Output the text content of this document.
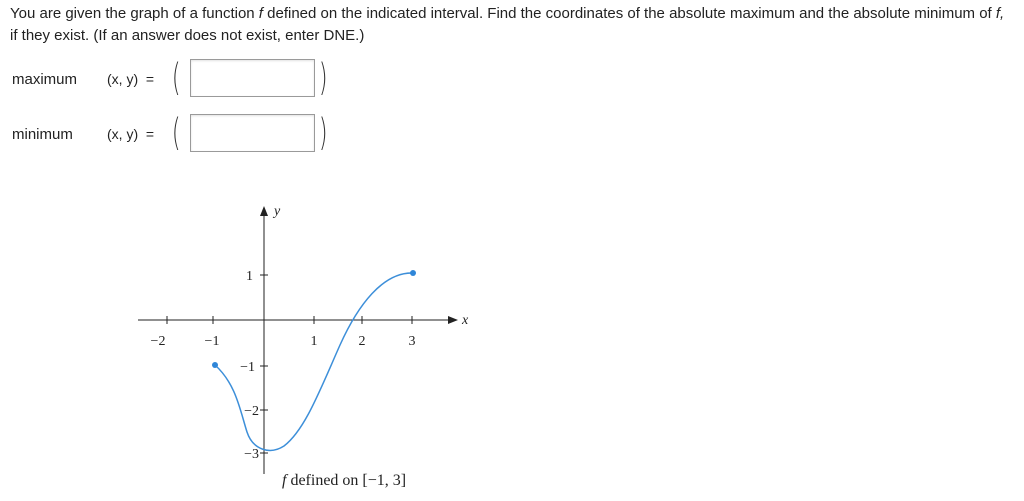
You are given the graph of a function f defined on the indicated interval. Find the coordinates of the absolute maximum and the absolute minimum of f, if they exist. (If an answer does not exist, enter DNE.)
maximum (x, y)  = (	)
minimum (x, y)  = (	)
−2	−1	1	2	3
1
−1
−2
−3
x
y
f defined on [−1, 3]
